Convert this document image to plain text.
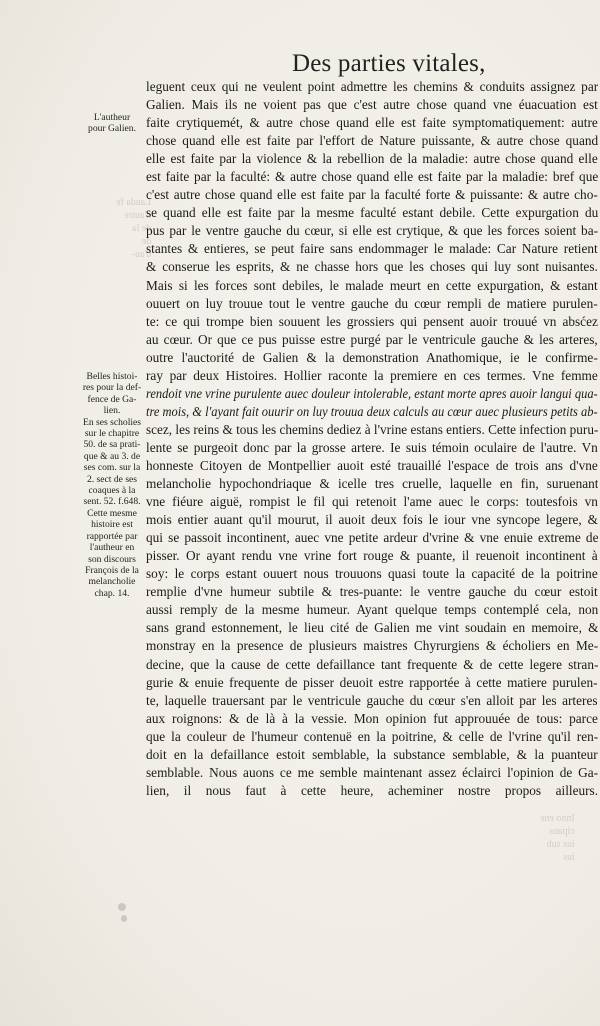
Lauda fe
d'autre
de la
de
d'au-
Inno ene
cipans
ius sub
ius
Des parties vitales,
L'autheur
pour Galien.
Belles histoi-
res pour la def-
fence de Ga-
lien.
En ses scholies
sur le chapitre
50. de sa prati-
que & au 3. de
ses com. sur la
2. sect de ses
coaques à la
sent. 52. f.648.
Cette mesme
histoire est
rapportée par
l'autheur en
son discours
François de la
melancholie
chap. 14.
leguent ceux qui ne veulent point admettre les chemins & conduits assignez par
Galien. Mais ils ne voient pas que c'est autre chose quand vne éuacuation est
faite crytiquemét, & autre chose quand elle est faite symptomatiquement: autre
chose quand elle est faite par l'effort de Nature puissante, & autre chose quand
elle est faite par la violence & la rebellion de la maladie: autre chose quand elle
est faite par la faculté: & autre chose quand elle est faite par la maladie: bref que
c'est autre chose quand elle est faite par la faculté forte & puissante: & autre cho-
se quand elle est faite par la mesme faculté estant debile. Cette expurgation du
pus par le ventre gauche du cœur, si elle est crytique, & que les forces soient ba-
stantes & entieres, se peut faire sans endommager le malade: Car Nature retient
& conserue les esprits, & ne chasse hors que les choses qui luy sont nuisantes.
Mais si les forces sont debiles, le malade meurt en cette expurgation, & estant
ouuert on luy trouue tout le ventre gauche du cœur rempli de matiere purulen-
te: ce qui trompe bien souuent les grossiers qui pensent auoir trouué vn absćez
au cœur. Or que ce pus puisse estre purgé par le ventricule gauche & les arteres,
outre l'auctorité de Galien & la demonstration Anathomique, ie le confirme-
ray par deux Histoires. Hollier raconte la premiere en ces termes. Vne femme
rendoit vne vrine purulente auec douleur intolerable, estant morte apres auoir langui qua-
tre mois, & l'ayant fait ouurir on luy trouua deux calculs au cœur auec plusieurs petits ab-
scez, les reins & tous les chemins dediez à l'vrine estans entiers. Cette infection puru-
lente se purgeoit donc par la grosse artere. Ie suis témoin oculaire de l'autre. Vn
honneste Citoyen de Montpellier auoit esté trauaillé l'espace de trois ans d'vne
melancholie hypochondriaque & icelle tres cruelle, laquelle en fin, suruenant
vne fiéure aiguë, rompist le fil qui retenoit l'ame auec le corps: toutesfois vn
mois entier auant qu'il mourut, il auoit deux fois le iour vne syncope legere, &
qui se passoit incontinent, auec vne petite ardeur d'vrine & vne enuie extreme de
pisser. Or ayant rendu vne vrine fort rouge & puante, il reuenoit incontinent à
soy: le corps estant ouuert nous trouuons quasi toute la capacité de la poitrine
remplie d'vne humeur subtile & tres-puante: le ventre gauche du cœur estoit
aussi remply de la mesme humeur. Ayant quelque temps contemplé cela, non
sans grand estonnement, le lieu cité de Galien me vint soudain en memoire, &
monstray en la presence de plusieurs maistres Chyrurgiens & écholiers en Me-
decine, que la cause de cette defaillance tant frequente & de cette legere stran-
gurie & enuie frequente de pisser deuoit estre rapportée à cette matiere purulen-
te, laquelle trauersant par le ventricule gauche du cœur s'en alloit par les arteres
aux roignons: & de là à la vessie. Mon opinion fut approuuée de tous: parce
que la couleur de l'humeur contenuë en la poitrine, & celle de l'vrine qu'il ren-
doit en la defaillance estoit semblable, la substance semblable, & la puanteur
semblable. Nous auons ce me semble maintenant assez éclairci l'opinion de Ga-
lien, il nous faut à cette heure, acheminer nostre propos ailleurs.
